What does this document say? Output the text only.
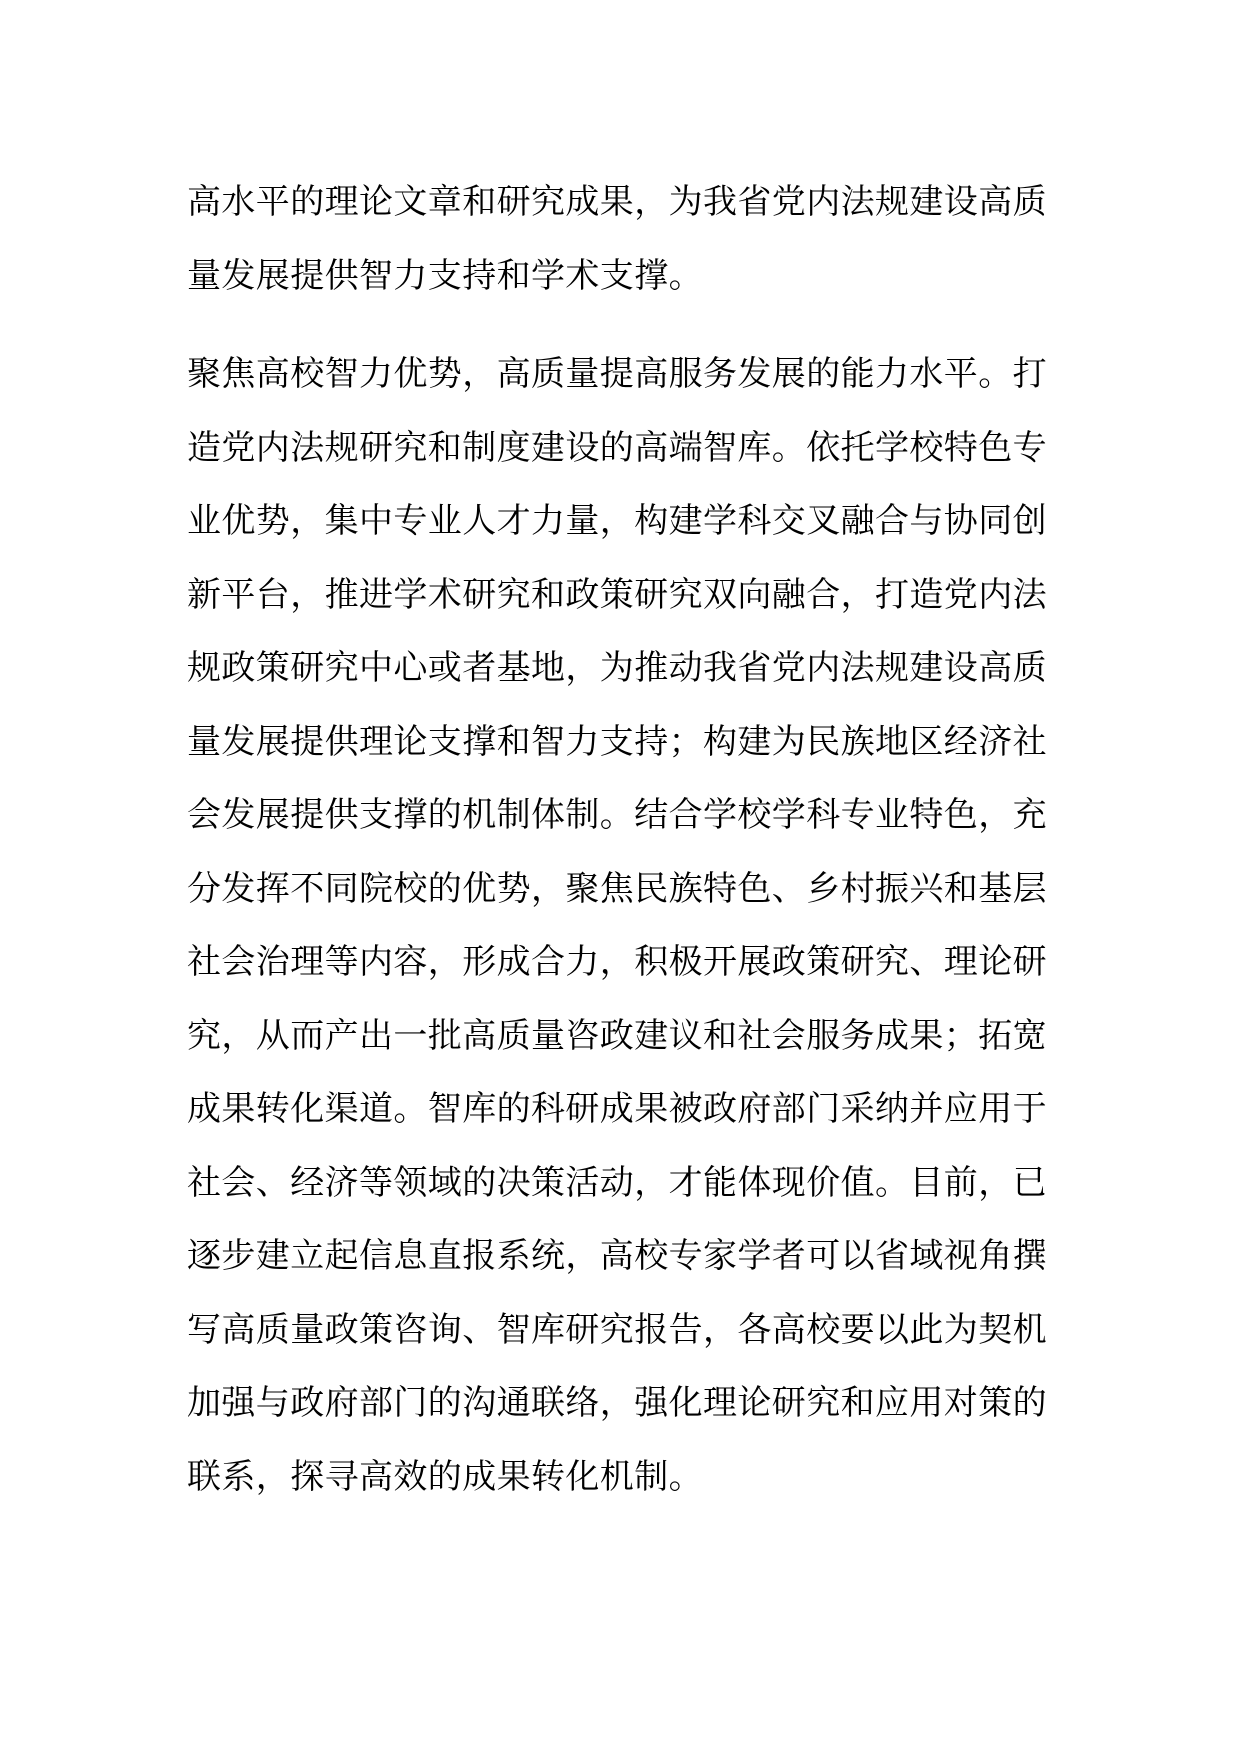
高水平的理论文章和研究成果，为我省党内法规建设高质
量发展提供智力支持和学术支撑。
聚焦高校智力优势，高质量提高服务发展的能力水平。打
造党内法规研究和制度建设的高端智库。依托学校特色专
业优势，集中专业人才力量，构建学科交叉融合与协同创
新平台，推进学术研究和政策研究双向融合，打造党内法
规政策研究中心或者基地，为推动我省党内法规建设高质
量发展提供理论支撑和智力支持；构建为民族地区经济社
会发展提供支撑的机制体制。结合学校学科专业特色，充
分发挥不同院校的优势，聚焦民族特色、乡村振兴和基层
社会治理等内容，形成合力，积极开展政策研究、理论研
究，从而产出一批高质量咨政建议和社会服务成果；拓宽
成果转化渠道。智库的科研成果被政府部门采纳并应用于
社会、经济等领域的决策活动，才能体现价值。目前，已
逐步建立起信息直报系统，高校专家学者可以省域视角撰
写高质量政策咨询、智库研究报告，各高校要以此为契机
加强与政府部门的沟通联络，强化理论研究和应用对策的
联系，探寻高效的成果转化机制。
